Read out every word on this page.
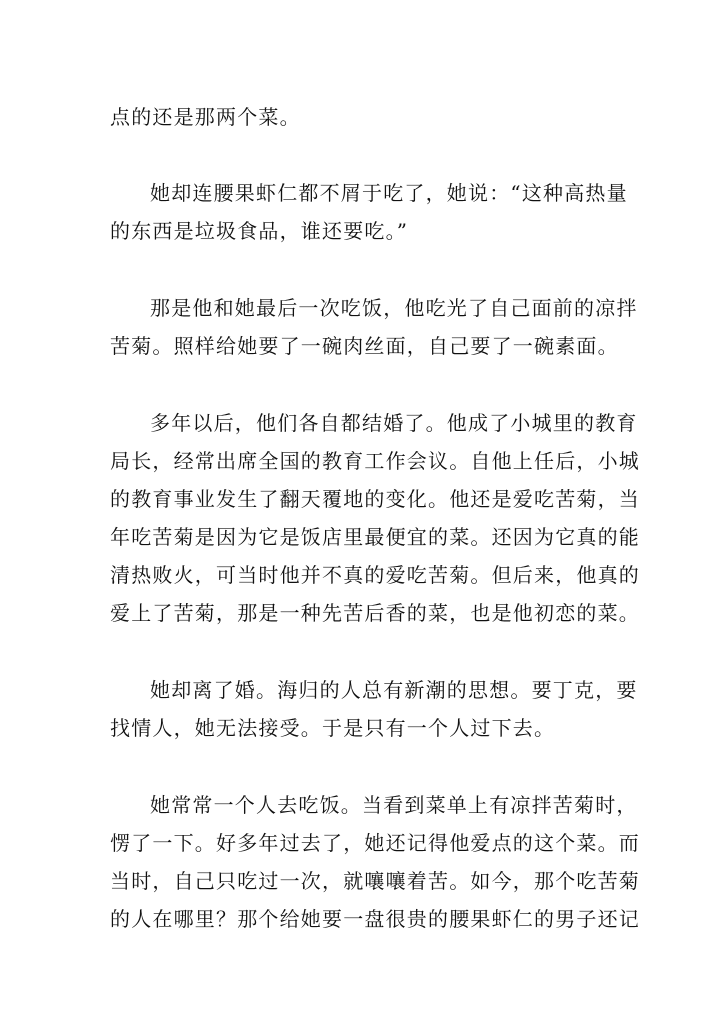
点的还是那两个菜。
她却连腰果虾仁都不屑于吃了，她说：“这种高热量
的东西是垃圾食品，谁还要吃。”
那是他和她最后一次吃饭，他吃光了自己面前的凉拌
苦菊。照样给她要了一碗肉丝面，自己要了一碗素面。
多年以后，他们各自都结婚了。他成了小城里的教育
局长，经常出席全国的教育工作会议。自他上任后，小城
的教育事业发生了翻天覆地的变化。他还是爱吃苦菊，当
年吃苦菊是因为它是饭店里最便宜的菜。还因为它真的能
清热败火，可当时他并不真的爱吃苦菊。但后来，他真的
爱上了苦菊，那是一种先苦后香的菜，也是他初恋的菜。
她却离了婚。海归的人总有新潮的思想。要丁克，要
找情人，她无法接受。于是只有一个人过下去。
她常常一个人去吃饭。当看到菜单上有凉拌苦菊时，
愣了一下。好多年过去了，她还记得他爱点的这个菜。而
当时，自己只吃过一次，就嚷嚷着苦。如今，那个吃苦菊
的人在哪里？那个给她要一盘很贵的腰果虾仁的男子还记
